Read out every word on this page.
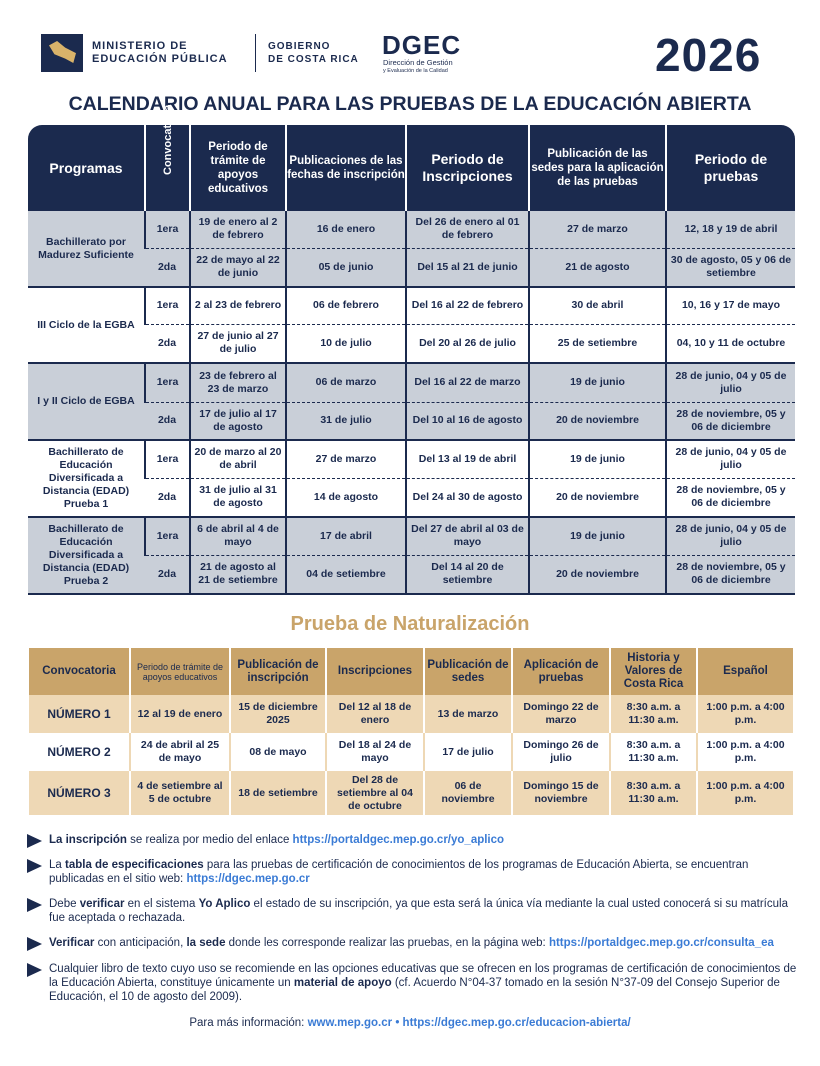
MINISTERIO DE
EDUCACIÓN PÚBLICA
GOBIERNO
DE COSTA RICA DGEC
Dirección de Gestión
y Evaluación de la Calidad	2026
CALENDARIO ANUAL PARA LAS PRUEBAS DE LA EDUCACIÓN ABIERTA
Programas	Convocatoria	Periodo de trámite de apoyos educativos	Publicaciones de las fechas de inscripción	Periodo de Inscripciones	Publicación de las sedes para la aplicación de las pruebas	Periodo de pruebas
Bachillerato por Madurez Suficiente	1era	19 de enero al 2 de febrero	16 de enero	Del 26 de enero al 01 de febrero	27 de marzo	12, 18 y 19 de abril
	2da	22 de mayo al 22 de junio	05 de junio	Del 15 al 21 de junio	21 de agosto	30 de agosto, 05 y 06 de setiembre
III Ciclo de la EGBA	1era	2 al 23 de febrero	06 de febrero	Del 16 al 22 de febrero	30 de abril	10, 16 y 17 de mayo
	2da	27 de junio al 27 de julio	10 de julio	Del 20 al 26 de julio	25 de setiembre	04, 10 y 11 de octubre
I y II Ciclo de EGBA	1era	23 de febrero al 23 de marzo	06 de marzo	Del 16 al 22 de marzo	19 de junio	28 de junio, 04 y 05 de julio
	2da	17 de julio al 17 de agosto	31 de julio	Del 10 al 16 de agosto	20 de noviembre	28 de noviembre, 05 y 06 de diciembre
Bachillerato de Educación Diversificada a Distancia (EDAD) Prueba 1	1era	20 de marzo al 20 de abril	27 de marzo	Del 13 al 19 de abril	19 de junio	28 de junio, 04 y 05 de julio
	2da	31 de julio al 31 de agosto	14 de agosto	Del 24 al 30 de agosto	20 de noviembre	28 de noviembre, 05 y 06 de diciembre
Bachillerato de Educación Diversificada a Distancia (EDAD) Prueba 2	1era	6 de abril al 4 de mayo	17 de abril	Del 27 de abril al 03 de mayo	19 de junio	28 de junio, 04 y 05 de julio
	2da	21 de agosto al 21 de setiembre	04 de setiembre	Del 14 al 20 de setiembre	20 de noviembre	28 de noviembre, 05 y 06 de diciembre
Prueba de Naturalización
Convocatoria	Periodo de trámite de apoyos educativos	Publicación de inscripción	Inscripciones	Publicación de sedes	Aplicación de pruebas	Historia y Valores de Costa Rica	Español
NÚMERO 1	12 al 19 de enero	15 de diciembre 2025	Del 12 al 18 de enero	13 de marzo	Domingo 22 de marzo	8:30 a.m. a 11:30 a.m.	1:00 p.m. a 4:00 p.m.
NÚMERO 2	24 de abril al 25 de mayo	08 de mayo	Del 18 al 24 de mayo	17 de julio	Domingo 26 de julio	8:30 a.m. a 11:30 a.m.	1:00 p.m. a 4:00 p.m.
NÚMERO 3	4 de setiembre al 5 de octubre	18 de setiembre	Del 28 de setiembre al 04 de octubre	06 de noviembre	Domingo 15 de noviembre	8:30 a.m. a 11:30 a.m.	1:00 p.m. a 4:00 p.m.
La inscripción se realiza por medio del enlace https://portaldgec.mep.go.cr/yo_aplico
La tabla de especificaciones para las pruebas de certificación de conocimientos de los programas de Educación Abierta, se encuentran publicadas en el sitio web: https://dgec.mep.go.cr
Debe verificar en el sistema Yo Aplico el estado de su inscripción, ya que esta será la única vía mediante la cual usted conocerá si su matrícula fue aceptada o rechazada.
Verificar con anticipación, la sede donde les corresponde realizar las pruebas, en la página web: https://portaldgec.mep.go.cr/consulta_ea
Cualquier libro de texto cuyo uso se recomiende en las opciones educativas que se ofrecen en los programas de certificación de conocimientos de la Educación Abierta, constituye únicamente un material de apoyo (cf. Acuerdo N°04-37 tomado en la sesión N°37-09 del Consejo Superior de Educación, el 10 de agosto del 2009).
Para más información: www.mep.go.cr • https://dgec.mep.go.cr/educacion-abierta/
